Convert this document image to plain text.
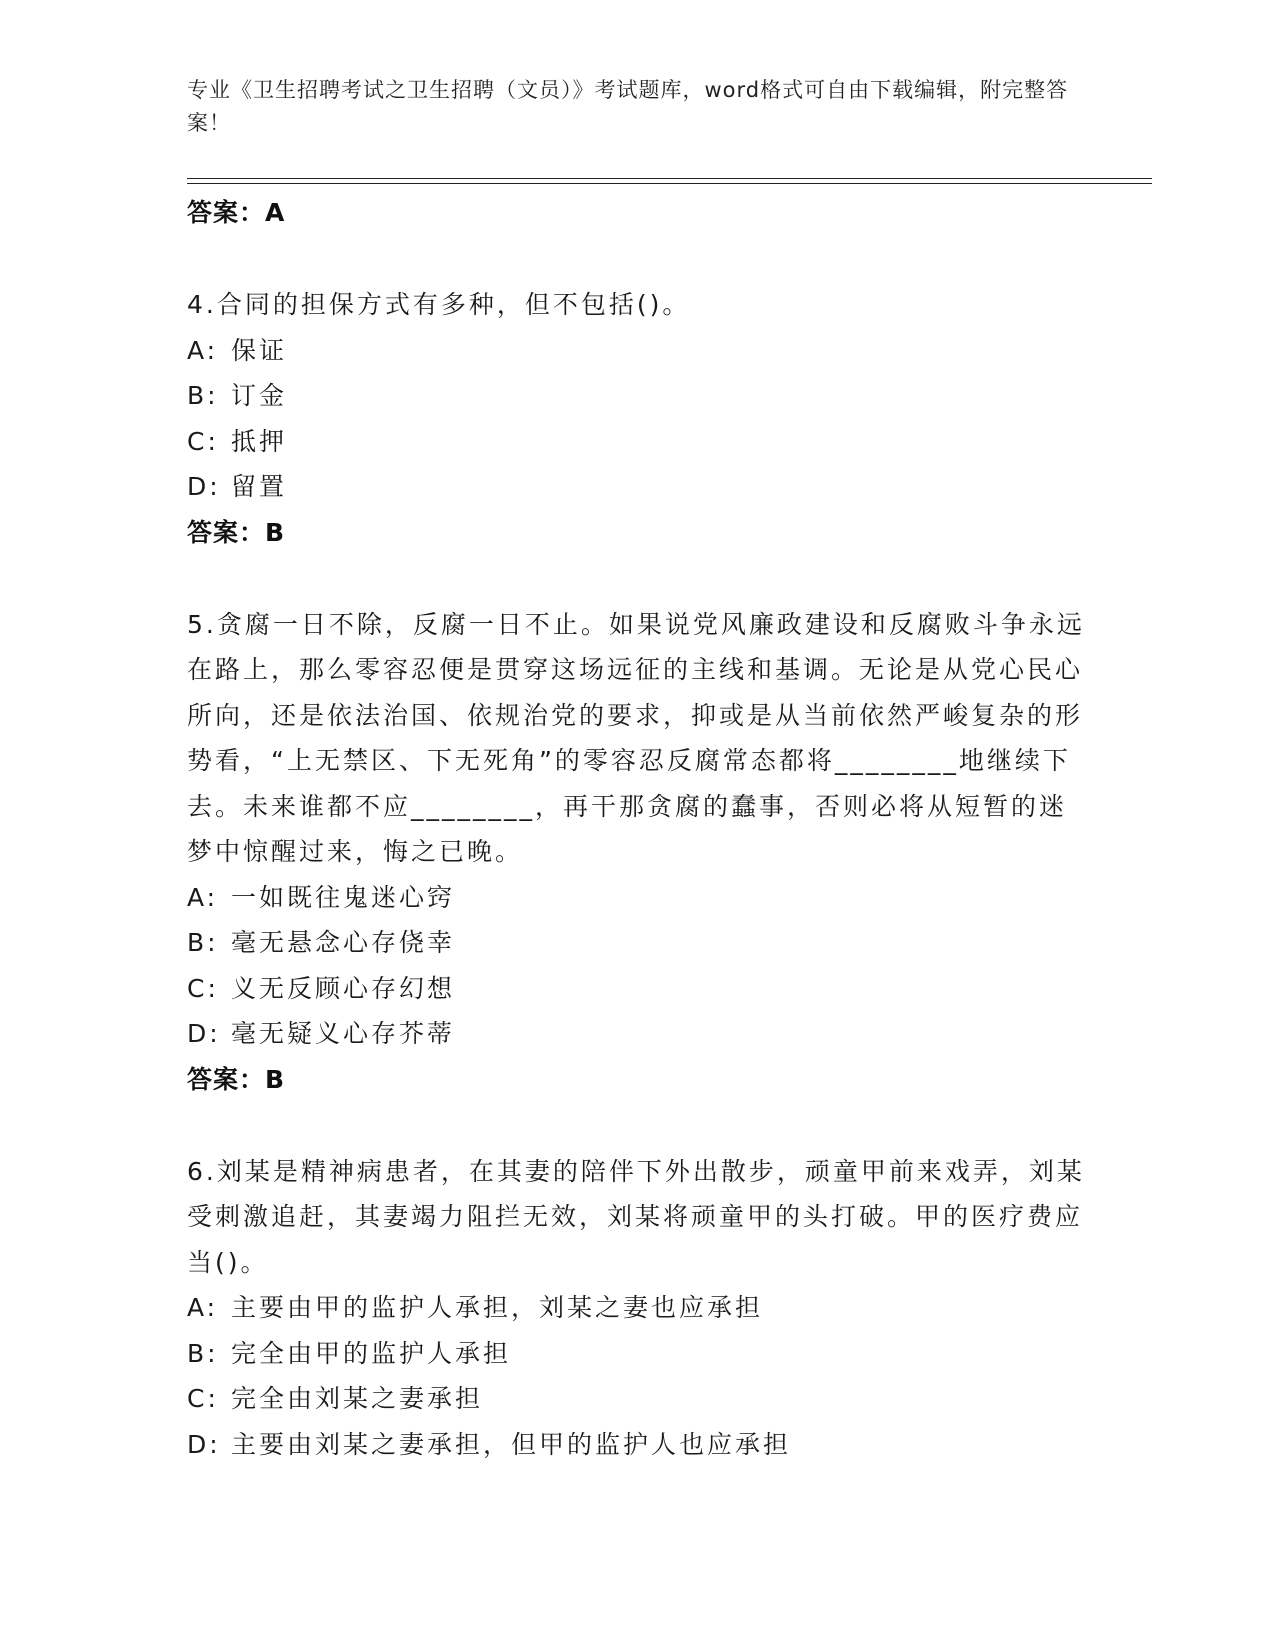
专业《卫生招聘考试之卫生招聘（文员）》考试题库，word格式可自由下载编辑，附完整答案！

答案：A

4.合同的担保方式有多种，但不包括()。

A: 保证

B: 订金

C: 抵押

D: 留置

答案：B

5.贪腐一日不除，反腐一日不止。如果说党风廉政建设和反腐败斗争永远在路上，那么零容忍便是贯穿这场远征的主线和基调。无论是从党心民心所向，还是依法治国、依规治党的要求，抑或是从当前依然严峻复杂的形势看，“上无禁区、下无死角”的零容忍反腐常态都将________地继续下去。未来谁都不应________，再干那贪腐的蠢事，否则必将从短暂的迷梦中惊醒过来，悔之已晚。

A: 一如既往鬼迷心窍

B: 毫无悬念心存侥幸

C: 义无反顾心存幻想

D: 毫无疑义心存芥蒂

答案：B

6.刘某是精神病患者，在其妻的陪伴下外出散步，顽童甲前来戏弄，刘某受刺激追赶，其妻竭力阻拦无效，刘某将顽童甲的头打破。甲的医疗费应当()。

A: 主要由甲的监护人承担，刘某之妻也应承担

B: 完全由甲的监护人承担

C: 完全由刘某之妻承担

D: 主要由刘某之妻承担，但甲的监护人也应承担
